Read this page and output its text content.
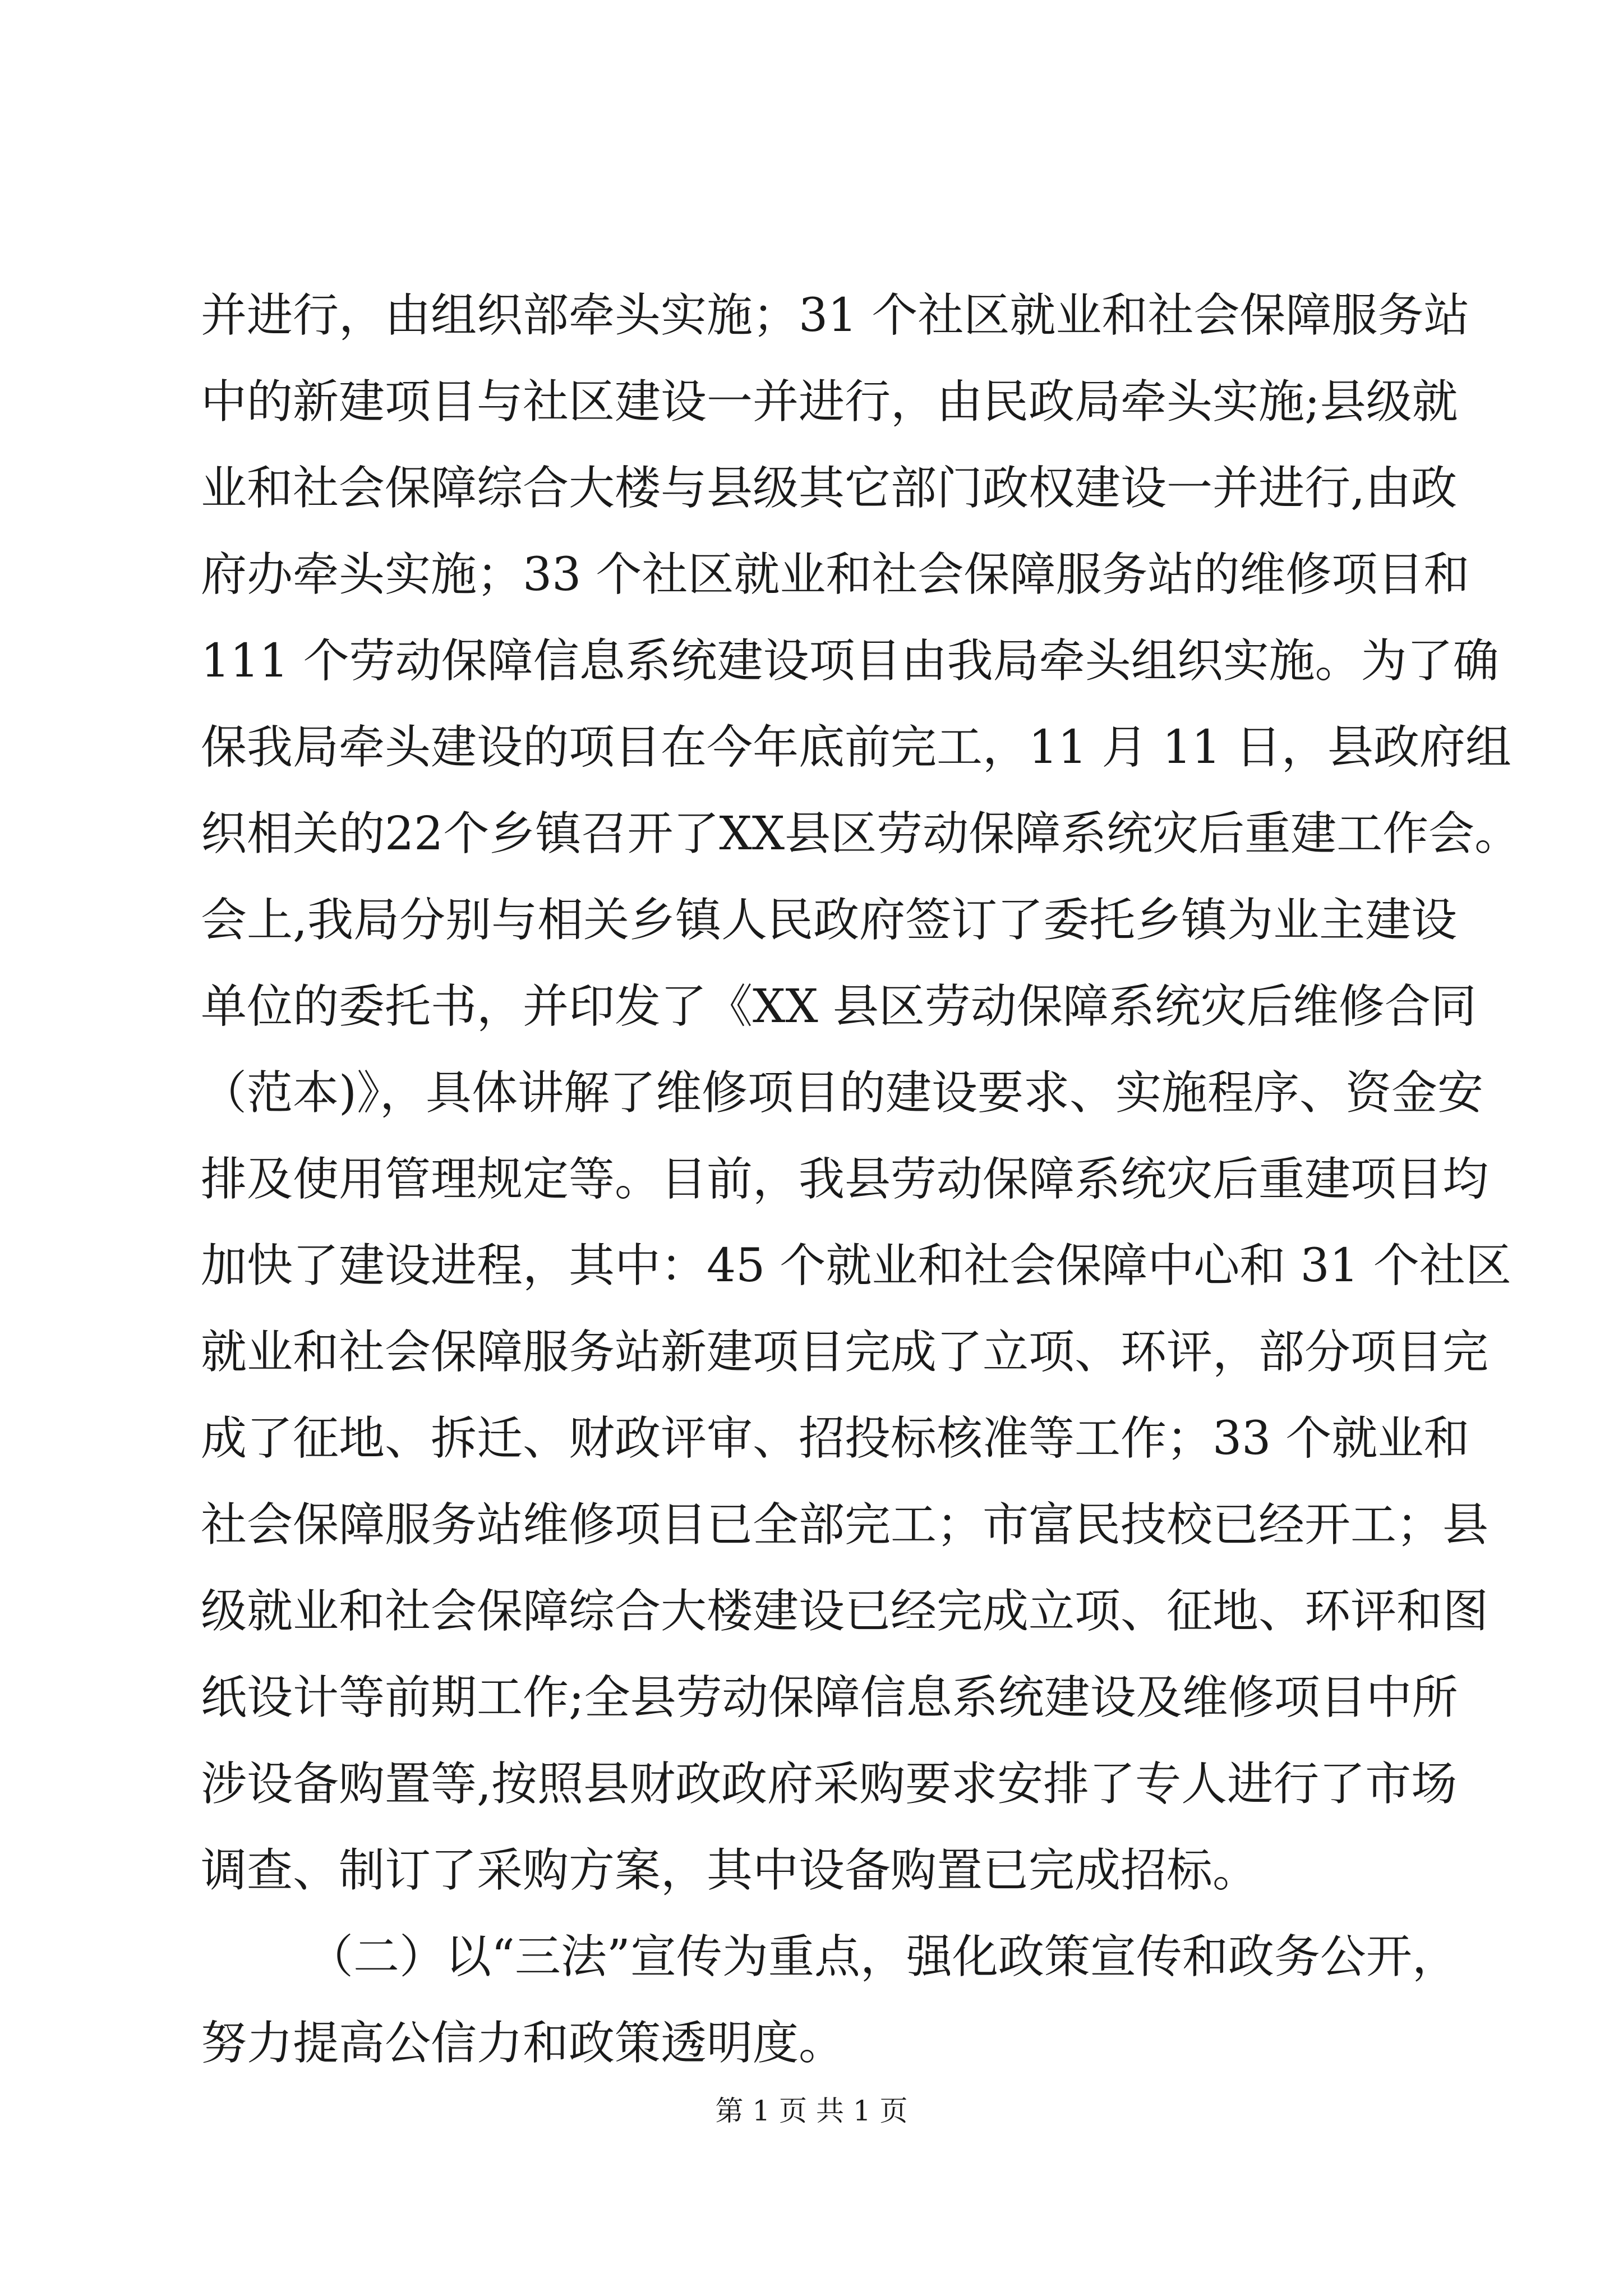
并进行，由组织部牵头实施；31 个社区就业和社会保障服务站
中的新建项目与社区建设一并进行，由民政局牵头实施;县级就
业和社会保障综合大楼与县级其它部门政权建设一并进行,由政
府办牵头实施；33 个社区就业和社会保障服务站的维修项目和
111 个劳动保障信息系统建设项目由我局牵头组织实施。为了确
保我局牵头建设的项目在今年底前完工，11 月 11 日，县政府组
织相关的22个乡镇召开了XX县区劳动保障系统灾后重建工作会。
会上,我局分别与相关乡镇人民政府签订了委托乡镇为业主建设
单位的委托书，并印发了《XX 县区劳动保障系统灾后维修合同
（范本)》，具体讲解了维修项目的建设要求、实施程序、资金安
排及使用管理规定等。目前，我县劳动保障系统灾后重建项目均
加快了建设进程，其中：45 个就业和社会保障中心和 31 个社区
就业和社会保障服务站新建项目完成了立项、环评，部分项目完
成了征地、拆迁、财政评审、招投标核准等工作；33 个就业和
社会保障服务站维修项目已全部完工；市富民技校已经开工；县
级就业和社会保障综合大楼建设已经完成立项、征地、环评和图
纸设计等前期工作;全县劳动保障信息系统建设及维修项目中所
涉设备购置等,按照县财政政府采购要求安排了专人进行了市场
调查、制订了采购方案，其中设备购置已完成招标。
（二）以“三法”宣传为重点，强化政策宣传和政务公开，
努力提高公信力和政策透明度。
第 1 页 共 1 页
